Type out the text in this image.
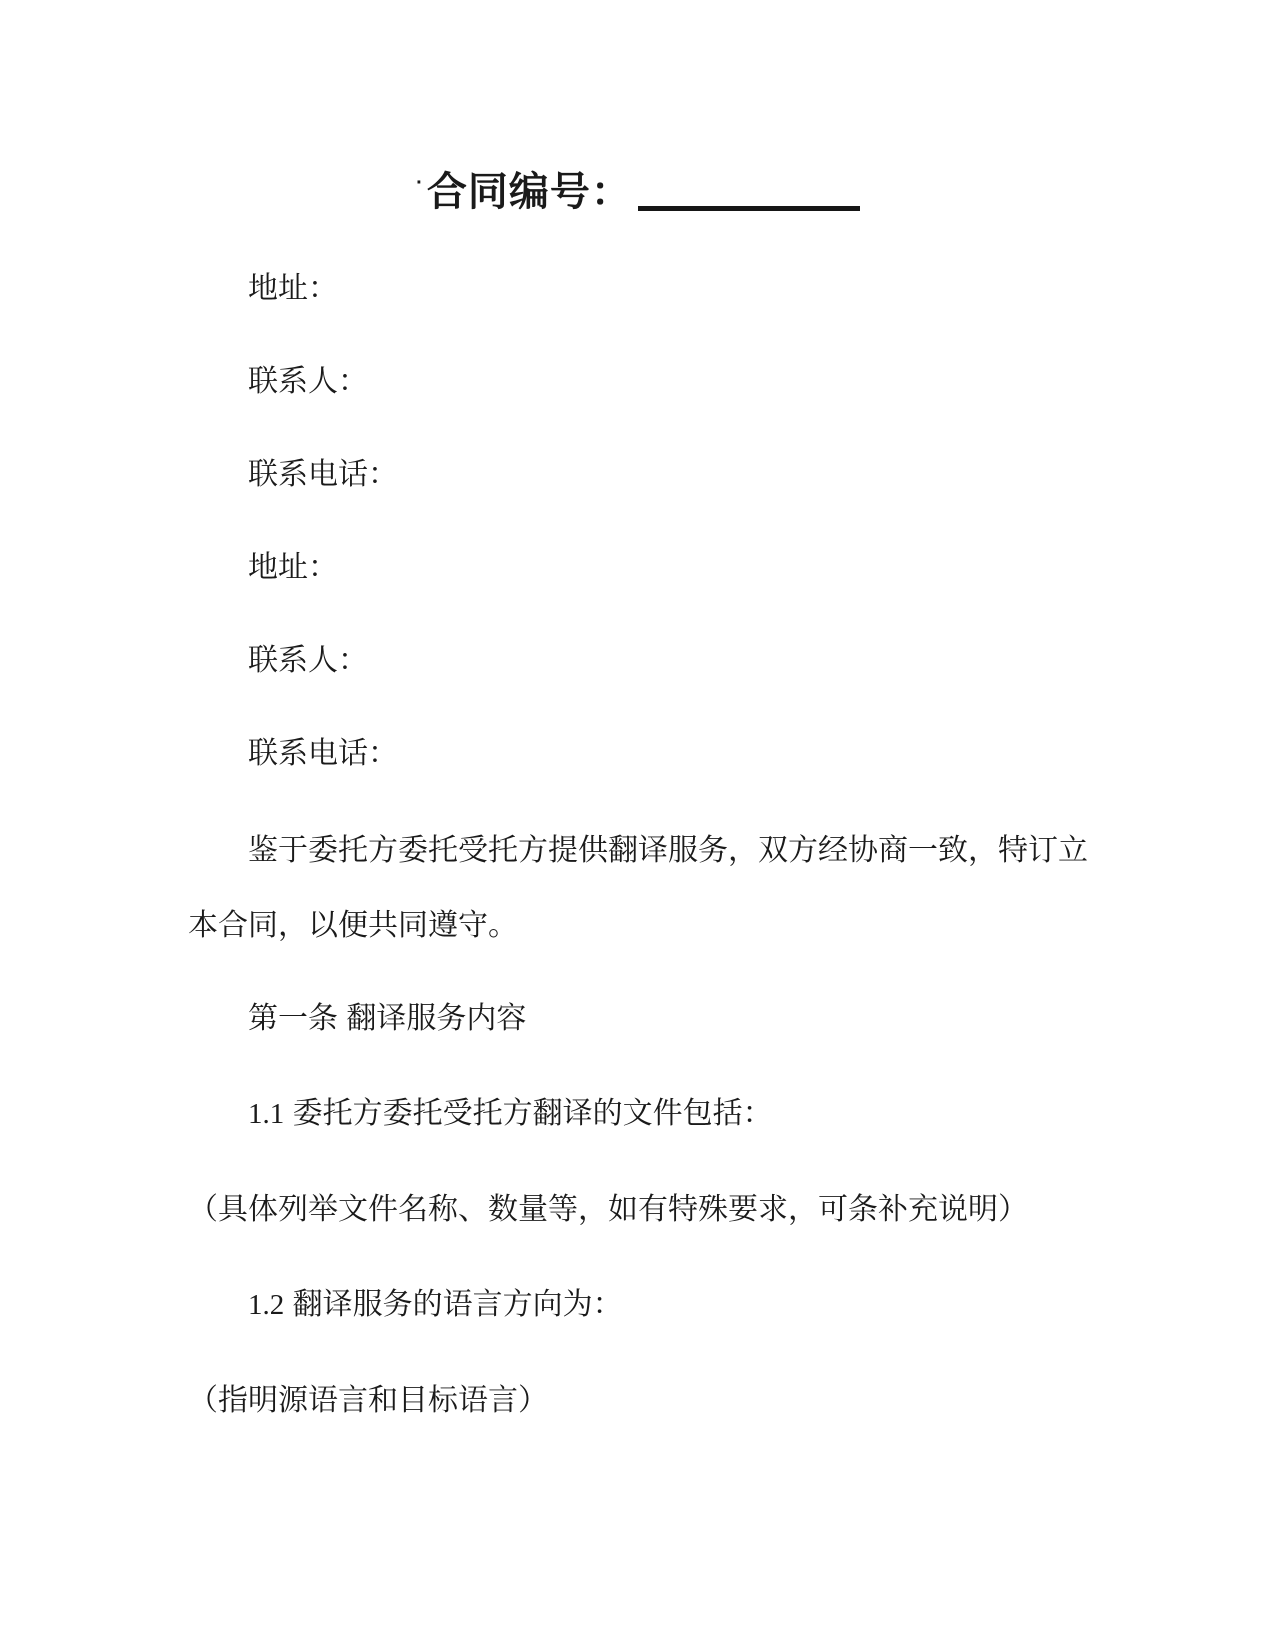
·合同编号：

地址：

联系人：

联系电话：

地址：

联系人：

联系电话：

鉴于委托方委托受托方提供翻译服务，双方经协商一致，特订立

本合同，以便共同遵守。

第一条 翻译服务内容

1.1 委托方委托受托方翻译的文件包括：

（具体列举文件名称、数量等，如有特殊要求，可条补充说明）

1.2 翻译服务的语言方向为：

（指明源语言和目标语言）
